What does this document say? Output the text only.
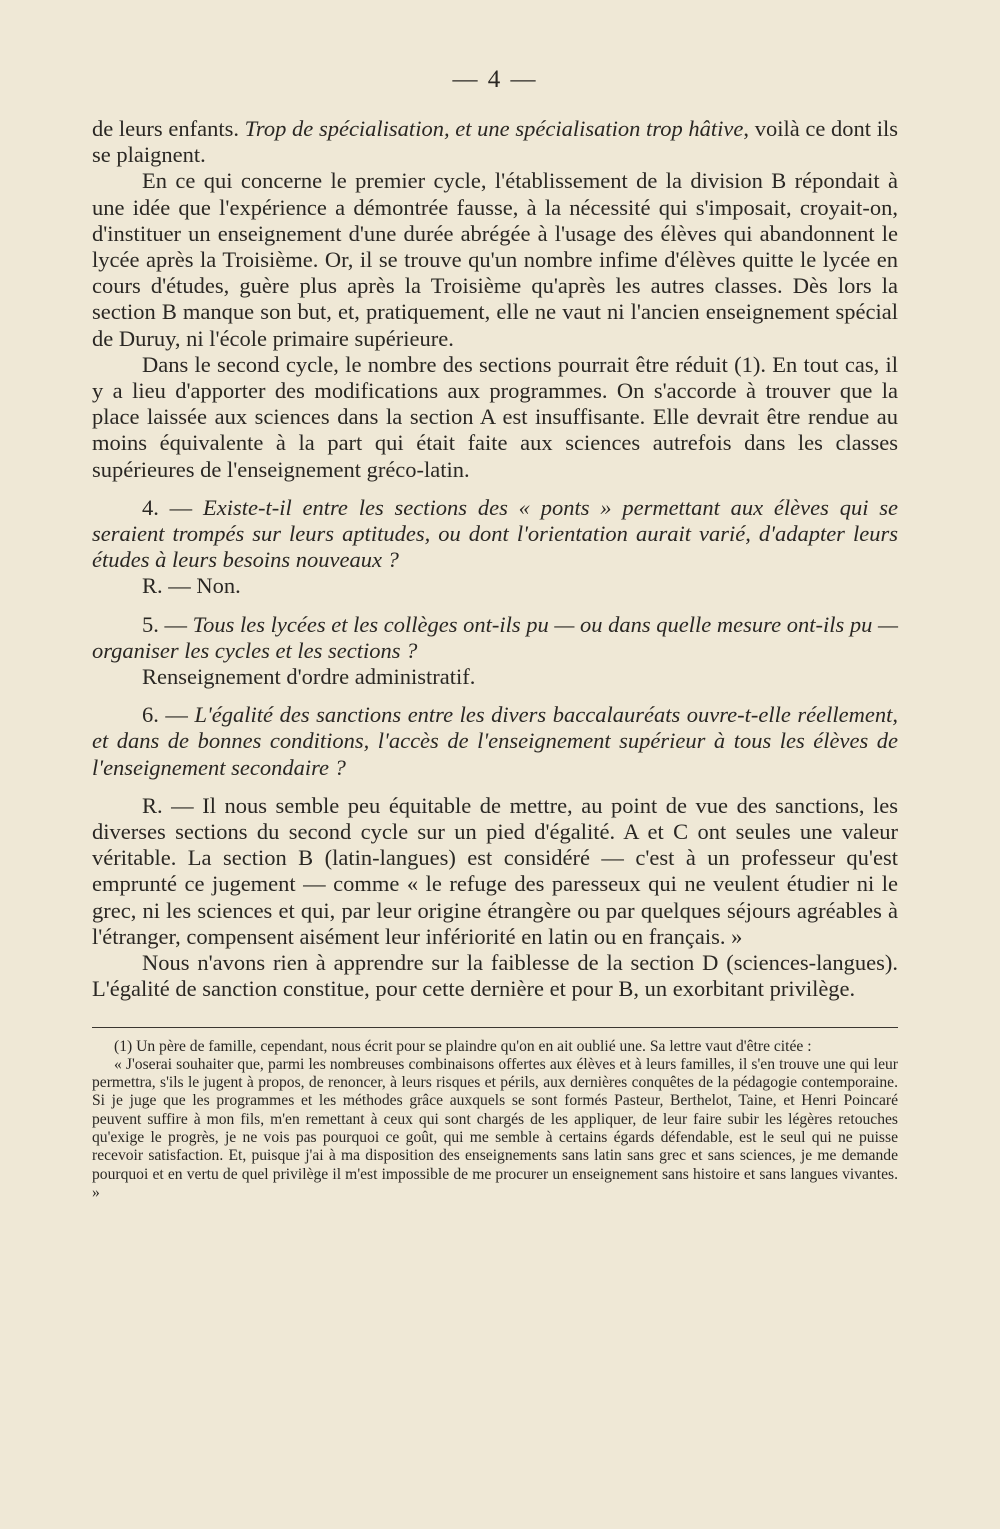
— 4 —

de leurs enfants. Trop de spécialisation, et une spécialisation trop hâtive, voilà ce dont ils se plaignent.

En ce qui concerne le premier cycle, l'établissement de la division B répondait à une idée que l'expérience a démontrée fausse, à la nécessité qui s'imposait, croyait-on, d'instituer un enseignement d'une durée abrégée à l'usage des élèves qui abandonnent le lycée après la Troisième. Or, il se trouve qu'un nombre infime d'élèves quitte le lycée en cours d'études, guère plus après la Troisième qu'après les autres classes. Dès lors la section B manque son but, et, pratiquement, elle ne vaut ni l'ancien enseignement spécial de Duruy, ni l'école primaire supérieure.

Dans le second cycle, le nombre des sections pourrait être réduit (1). En tout cas, il y a lieu d'apporter des modifications aux programmes. On s'accorde à trouver que la place laissée aux sciences dans la section A est insuffisante. Elle devrait être rendue au moins équivalente à la part qui était faite aux sciences autrefois dans les classes supérieures de l'enseignement gréco-latin.

4. — Existe-t-il entre les sections des « ponts » permettant aux élèves qui se seraient trompés sur leurs aptitudes, ou dont l'orientation aurait varié, d'adapter leurs études à leurs besoins nouveaux ?

R. — Non.

5. — Tous les lycées et les collèges ont-ils pu — ou dans quelle mesure ont-ils pu — organiser les cycles et les sections ?

Renseignement d'ordre administratif.

6. — L'égalité des sanctions entre les divers baccalauréats ouvre-t-elle réellement, et dans de bonnes conditions, l'accès de l'enseignement supérieur à tous les élèves de l'enseignement secondaire ?

R. — Il nous semble peu équitable de mettre, au point de vue des sanctions, les diverses sections du second cycle sur un pied d'égalité. A et C ont seules une valeur véritable. La section B (latin-langues) est considéré — c'est à un professeur qu'est emprunté ce jugement — comme « le refuge des paresseux qui ne veulent étudier ni le grec, ni les sciences et qui, par leur origine étrangère ou par quelques séjours agréables à l'étranger, compensent aisément leur infériorité en latin ou en français. »

Nous n'avons rien à apprendre sur la faiblesse de la section D (sciences-langues). L'égalité de sanction constitue, pour cette dernière et pour B, un exorbitant privilège.

(1) Un père de famille, cependant, nous écrit pour se plaindre qu'on en ait oublié une. Sa lettre vaut d'être citée :

« J'oserai souhaiter que, parmi les nombreuses combinaisons offertes aux élèves et à leurs familles, il s'en trouve une qui leur permettra, s'ils le jugent à propos, de renoncer, à leurs risques et périls, aux dernières conquêtes de la pédagogie contemporaine. Si je juge que les programmes et les méthodes grâce auxquels se sont formés Pasteur, Berthelot, Taine, et Henri Poincaré peuvent suffire à mon fils, m'en remettant à ceux qui sont chargés de les appliquer, de leur faire subir les légères retouches qu'exige le progrès, je ne vois pas pourquoi ce goût, qui me semble à certains égards défendable, est le seul qui ne puisse recevoir satisfaction. Et, puisque j'ai à ma disposition des enseignements sans latin sans grec et sans sciences, je me demande pourquoi et en vertu de quel privilège il m'est impossible de me procurer un enseignement sans histoire et sans langues vivantes. »
